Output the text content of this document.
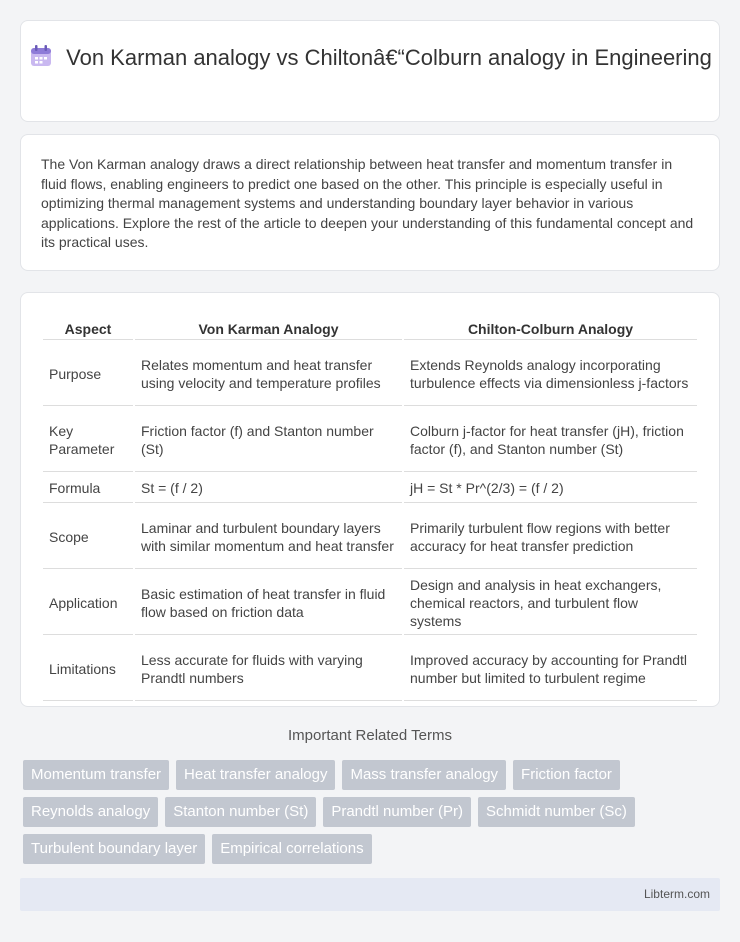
Von Karman analogy vs Chiltonâ€“Colburn analogy in Engineering

The Von Karman analogy draws a direct relationship between heat transfer and momentum transfer in fluid flows, enabling engineers to predict one based on the other. This principle is especially useful in optimizing thermal management systems and understanding boundary layer behavior in various applications. Explore the rest of the article to deepen your understanding of this fundamental concept and its practical uses.

Aspect	Von Karman Analogy	Chilton-Colburn Analogy
Purpose	Relates momentum and heat transfer using velocity and temperature profiles	Extends Reynolds analogy incorporating turbulence effects via dimensionless j-factors
Key Parameter	Friction factor (f) and Stanton number (St)	Colburn j-factor for heat transfer (jH), friction factor (f), and Stanton number (St)
Formula	St = (f / 2)	jH = St * Pr^(2/3) = (f / 2)
Scope	Laminar and turbulent boundary layers with similar momentum and heat transfer	Primarily turbulent flow regions with better accuracy for heat transfer prediction
Application	Basic estimation of heat transfer in fluid flow based on friction data	Design and analysis in heat exchangers, chemical reactors, and turbulent flow systems
Limitations	Less accurate for fluids with varying Prandtl numbers	Improved accuracy by accounting for Prandtl number but limited to turbulent regime
Important Related Terms
Momentum transfer	Heat transfer analogy	Mass transfer analogy	Friction factor
Reynolds analogy	Stanton number (St)	Prandtl number (Pr)	Schmidt number (Sc)
Turbulent boundary layer	Empirical correlations
Libterm.com
